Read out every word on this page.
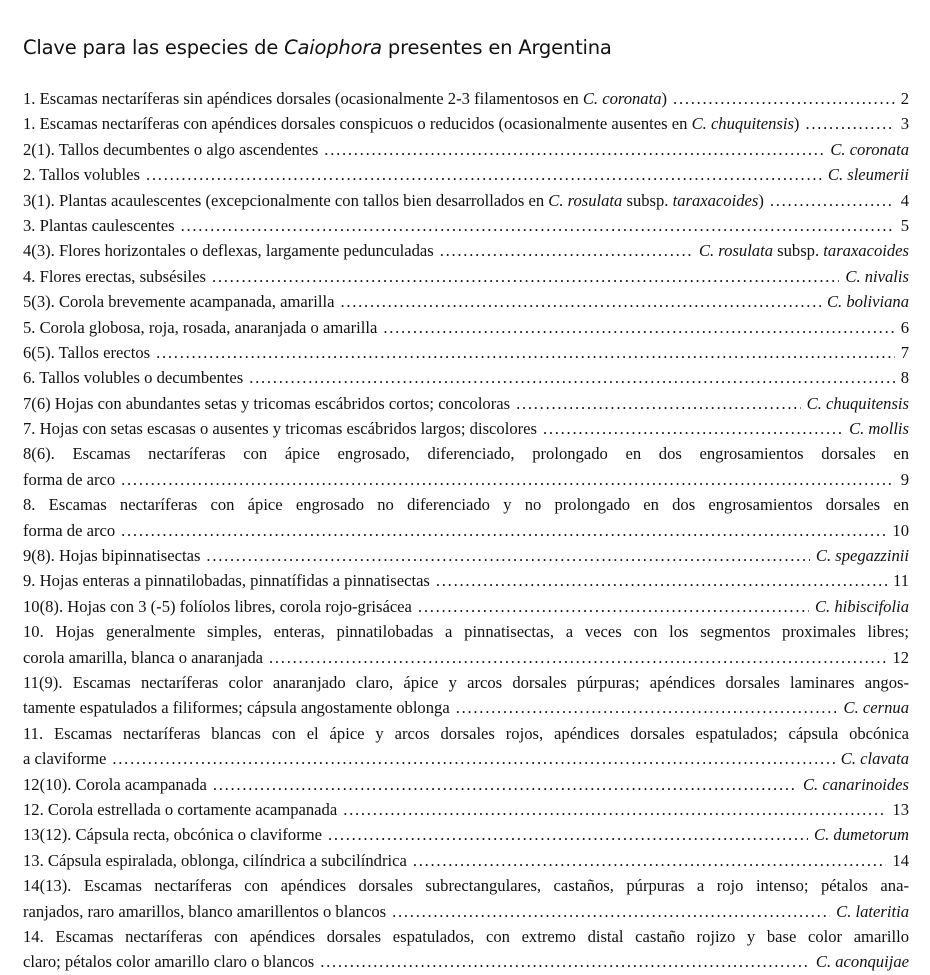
Clave para las especies de Caiophora presentes en Argentina
1. Escamas nectaríferas sin apéndices dorsales (ocasionalmente 2-3 filamentosos en C. coronata) . . .	2
1. Escamas nectaríferas con apéndices dorsales conspicuos o reducidos (ocasionalmente ausentes en C. chuquitensis) . . .	3
2(1). Tallos decumbentes o algo ascendentes . . .	C. coronata
2. Tallos volubles . . .	C. sleumerii
3(1). Plantas acaulescentes (excepcionalmente con tallos bien desarrollados en C. rosulata subsp. taraxacoides) . . .	4
3. Plantas caulescentes . . .	5
4(3). Flores horizontales o deflexas, largamente pedunculadas . . .	C. rosulata subsp. taraxacoides
4. Flores erectas, subsésiles . . .	C. nivalis
5(3). Corola brevemente acampanada, amarilla . . .	C. boliviana
5. Corola globosa, roja, rosada, anaranjada o amarilla . . .	6
6(5). Tallos erectos . . .	7
6. Tallos volubles o decumbentes . . .	8
7(6) Hojas con abundantes setas y tricomas escábridos cortos; concoloras . . .	C. chuquitensis
7. Hojas con setas escasas o ausentes y tricomas escábridos largos; discolores . . .	C. mollis
8(6). Escamas nectaríferas con ápice engrosado, diferenciado, prolongado en dos engrosamientos dorsales en
forma de arco . . .	9
8. Escamas nectaríferas con ápice engrosado no diferenciado y no prolongado en dos engrosamientos dorsales en
forma de arco . . .	10
9(8). Hojas bipinnatisectas . . .	C. spegazzinii
9. Hojas enteras a pinnatilobadas, pinnatífidas a pinnatisectas . . .	11
10(8). Hojas con 3 (-5) folíolos libres, corola rojo-grisácea . . .	C. hibiscifolia
10. Hojas generalmente simples, enteras, pinnatilobadas a pinnatisectas, a veces con los segmentos proximales libres;
corola amarilla, blanca o anaranjada . . .	12
11(9). Escamas nectaríferas color anaranjado claro, ápice y arcos dorsales púrpuras; apéndices dorsales laminares angos-
tamente espatulados a filiformes; cápsula angostamente oblonga . . .	C. cernua
11. Escamas nectaríferas blancas con el ápice y arcos dorsales rojos, apéndices dorsales espatulados; cápsula obcónica
a claviforme . . .	C. clavata
12(10). Corola acampanada . . .	C. canarinoides
12. Corola estrellada o cortamente acampanada . . .	13
13(12). Cápsula recta, obcónica o claviforme . . .	C. dumetorum
13. Cápsula espiralada, oblonga, cilíndrica a subcilíndrica . . .	14
14(13). Escamas nectaríferas con apéndices dorsales subrectangulares, castaños, púrpuras a rojo intenso; pétalos ana-
ranjados, raro amarillos, blanco amarillentos o blancos . . .	C. lateritia
14. Escamas nectaríferas con apéndices dorsales espatulados, con extremo distal castaño rojizo y base color amarillo
claro; pétalos color amarillo claro o blancos . . .	C. aconquijae
